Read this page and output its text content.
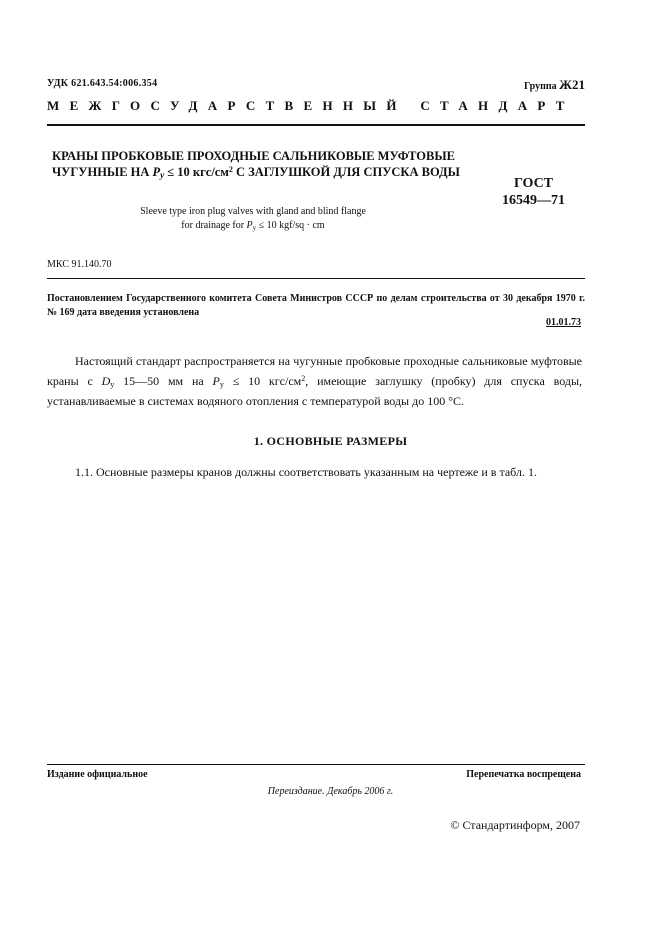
УДК 621.643.54:006.354	Группа Ж21
МЕЖГОСУДАРСТВЕННЫЙ СТАНДАРТ
КРАНЫ ПРОБКОВЫЕ ПРОХОДНЫЕ САЛЬНИКОВЫЕ МУФТОВЫЕ
ЧУГУННЫЕ НА $P_у \le 10$ кгс/$см^2$ С ЗАГЛУШКОЙ ДЛЯ СПУСКА ВОДЫ
ГОСТ
16549—71
Sleeve type iron plug valves with gland and blind flange
for drainage for $P_y \le 10$ kgf/sq · cm
МКС 91.140.70
Постановлением Государственного комитета Совета Министров СССР по делам строительства от 30 декабря 1970 г. № 169 дата введения установлена
01.01.73
Настоящий стандарт распространяется на чугунные пробковые проходные сальниковые муфтовые краны с $D_у$ 15—50 мм на $P_у \le 10$ кгс/$см^2$, имеющие заглушку (пробку) для спуска воды, устанавливаемые в системах водяного отопления с температурой воды до 100 °С.
1. ОСНОВНЫЕ РАЗМЕРЫ
1.1. Основные размеры кранов должны соответствовать указанным на чертеже и в табл. 1.
Издание официальное	Перепечатка воспрещена
Переиздание. Декабрь 2006 г.
© Стандартинформ, 2007
